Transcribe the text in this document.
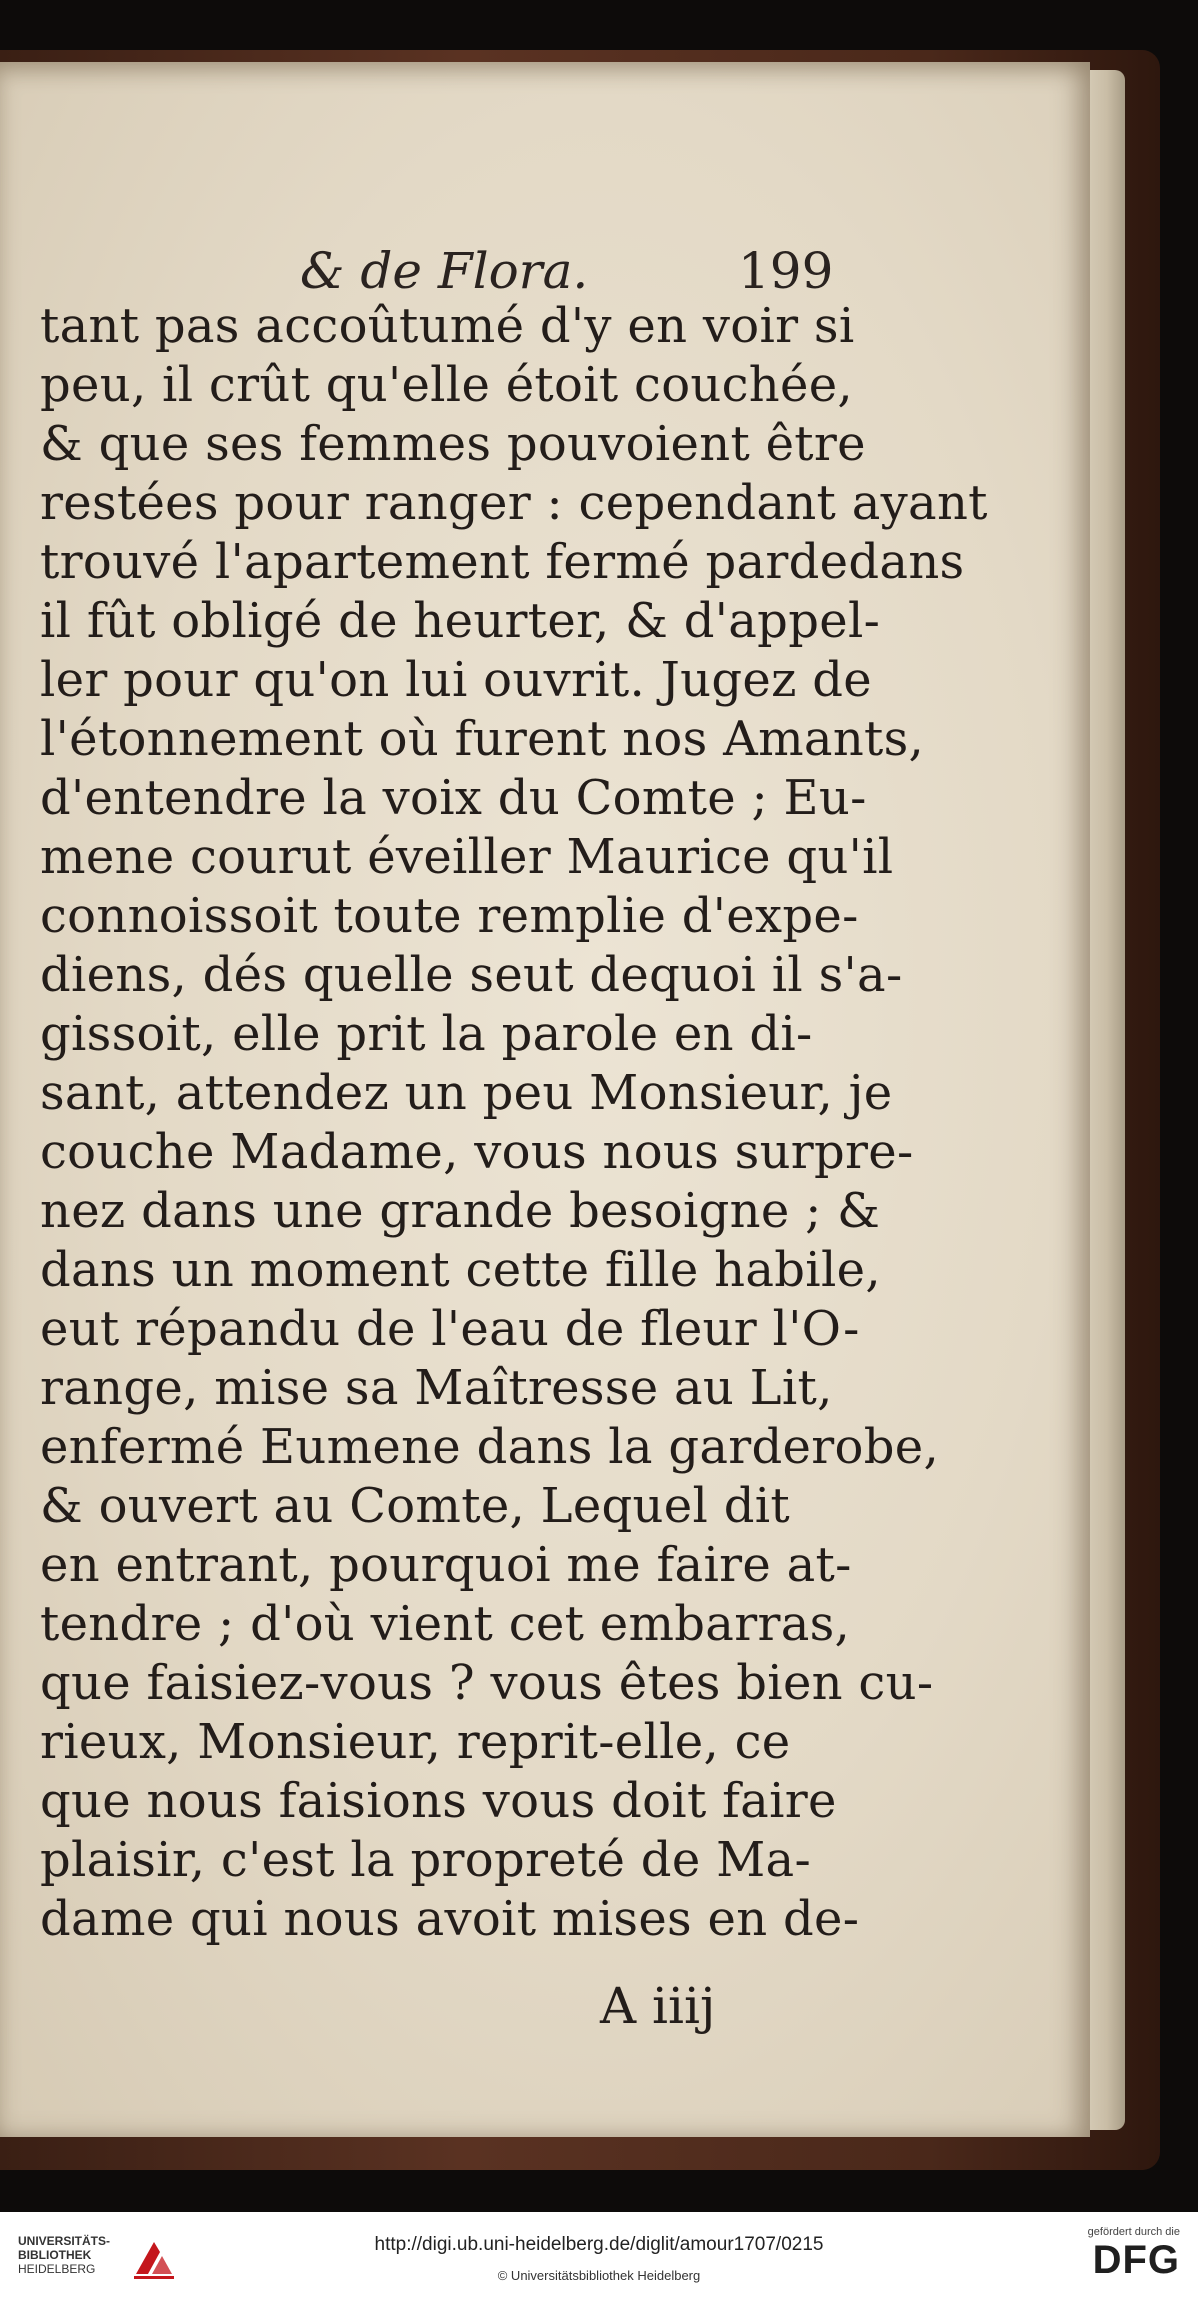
& de Flora.	199
tant pas accoûtumé d'y en voir si
peu, il crût qu'elle étoit couchée,
& que ses femmes pouvoient être
restées pour ranger : cependant ayant
trouvé l'apartement fermé pardedans
il fût obligé de heurter, & d'appel-
ler pour qu'on lui ouvrit. Jugez de
l'étonnement où furent nos Amants,
d'entendre la voix du Comte ; Eu-
mene courut éveiller Maurice qu'il
connoissoit toute remplie d'expe-
diens, dés quelle seut dequoi il s'a-
gissoit, elle prit la parole en di-
sant, attendez un peu Monsieur, je
couche Madame, vous nous surpre-
nez dans une grande besoigne ; &
dans un moment cette fille habile,
eut répandu de l'eau de fleur l'O-
range, mise sa Maîtresse au Lit,
enfermé Eumene dans la garderobe,
& ouvert au Comte, Lequel dit
en entrant, pourquoi me faire at-
tendre ; d'où vient cet embarras,
que faisiez-vous ? vous êtes bien cu-
rieux, Monsieur, reprit-elle, ce
que nous faisions vous doit faire
plaisir, c'est la propreté de Ma-
dame qui nous avoit mises en de-
A iiij
UNIVERSITÄTS-
BIBLIOTHEK
HEIDELBERG
http://digi.ub.uni-heidelberg.de/diglit/amour1707/0215
© Universitätsbibliothek Heidelberg
gefördert durch die
DFG
